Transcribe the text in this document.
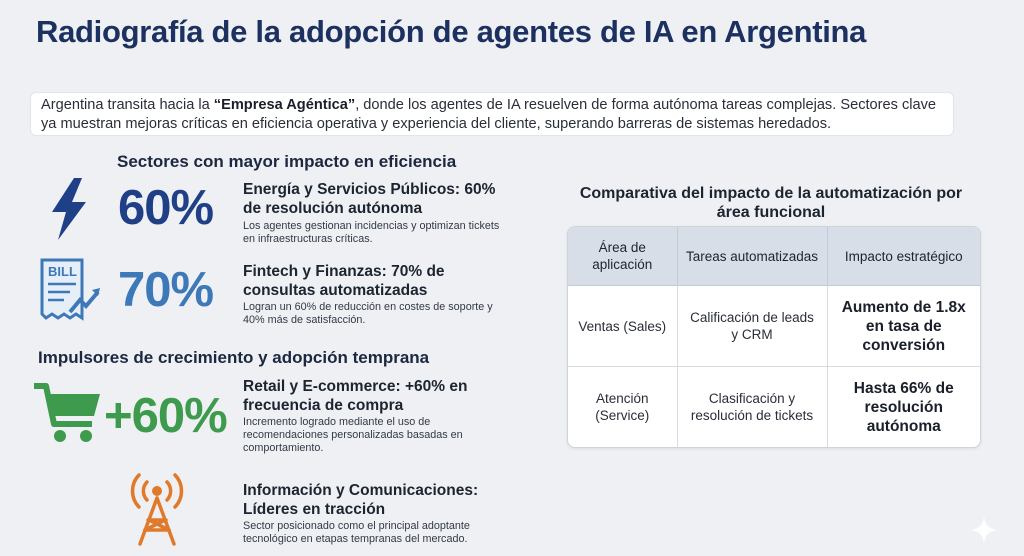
Radiografía de la adopción de agentes de IA en Argentina
Argentina transita hacia la “Empresa Agéntica”, donde los agentes de IA resuelven de forma autónoma tareas complejas. Sectores clave ya muestran mejoras críticas en eficiencia operativa y experiencia del cliente, superando barreras de sistemas heredados.
Sectores con mayor impacto en eficiencia
60% Energía y Servicios Públicos: 60% de resolución autónoma
Los agentes gestionan incidencias y optimizan tickets en infraestructuras críticas.
BILL 70% Fintech y Finanzas: 70% de consultas automatizadas
Logran un 60% de reducción en costes de soporte y 40% más de satisfacción.
Impulsores de crecimiento y adopción temprana
+60%
Retail y E-commerce: +60% en frecuencia de compra
Incremento logrado mediante el uso de recomendaciones personalizadas basadas en comportamiento.
Información y Comunicaciones: Líderes en tracción
Sector posicionado como el principal adoptante tecnológico en etapas tempranas del mercado.
Comparativa del impacto de la automatización por área funcional
Área de aplicación	Tareas automatizadas	Impacto estratégico
Ventas (Sales)	Calificación de leads y CRM	Aumento de 1.8x en tasa de conversión
Atención (Service)	Clasificación y resolución de tickets	Hasta 66% de resolución autónoma
